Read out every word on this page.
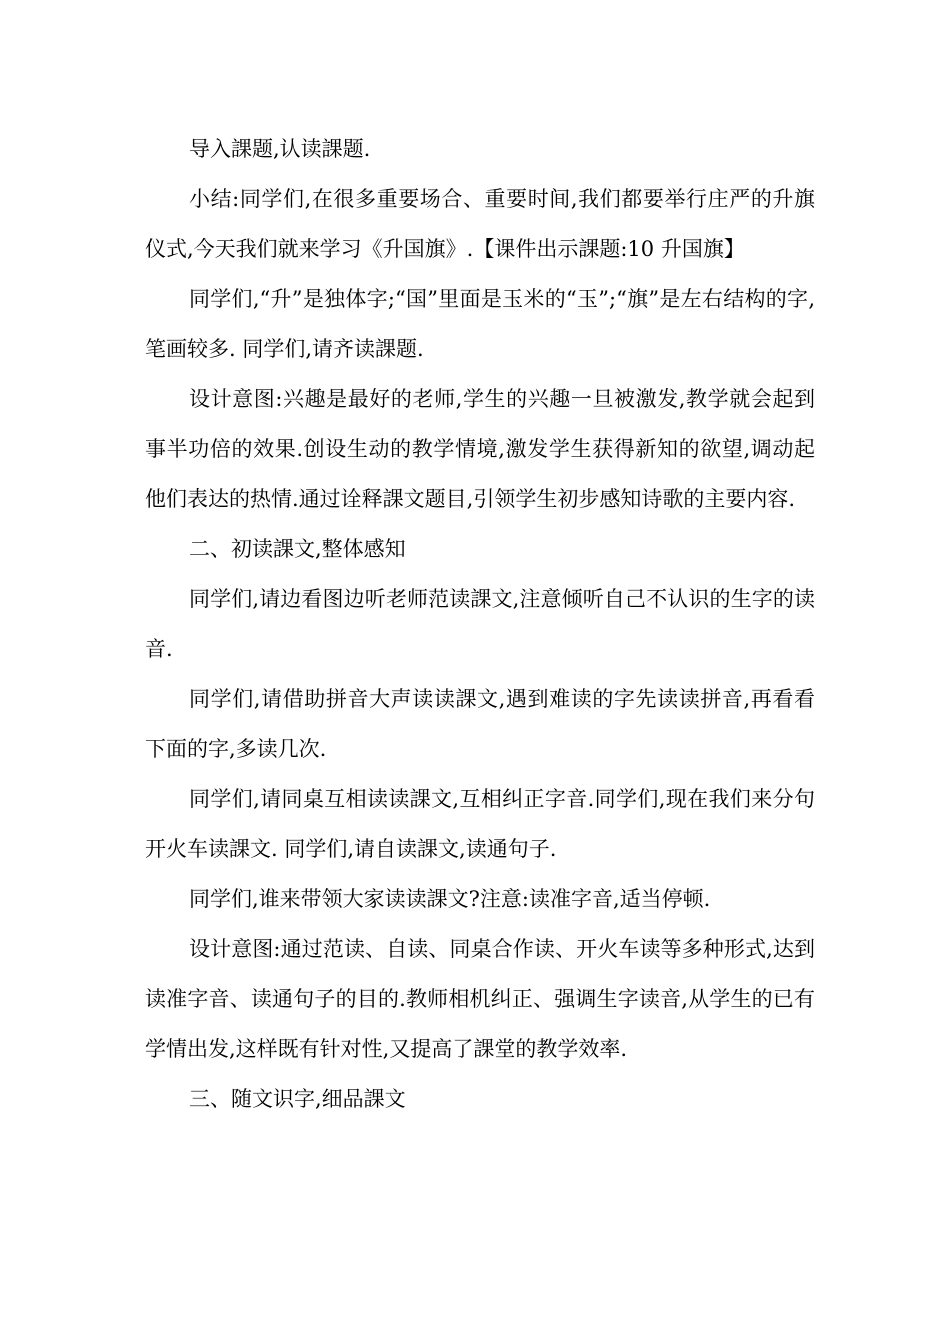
导入課题,认读課题.

小结:同学们,在很多重要场合、重要时间,我们都要举行庄严的升旗仪式,今天我们就来学习《升国旗》.【课件出示課题:10 升国旗】

同学们,“升”是独体字;“国”里面是玉米的“玉”;“旗”是左右结构的字,笔画较多. 同学们,请齐读課题.

设计意图:兴趣是最好的老师,学生的兴趣一旦被激发,教学就会起到事半功倍的效果.创设生动的教学情境,激发学生获得新知的欲望,调动起他们表达的热情.通过诠释課文题目,引领学生初步感知诗歌的主要内容.

二、初读課文,整体感知

同学们,请边看图边听老师范读課文,注意倾听自己不认识的生字的读音.

同学们,请借助拼音大声读读課文,遇到难读的字先读读拼音,再看看下面的字,多读几次.

同学们,请同桌互相读读課文,互相纠正字音.同学们,现在我们来分句开火车读課文. 同学们,请自读課文,读通句子.

同学们,谁来带领大家读读課文?注意:读准字音,适当停顿.

设计意图:通过范读、自读、同桌合作读、开火车读等多种形式,达到读准字音、读通句子的目的.教师相机纠正、强调生字读音,从学生的已有学情出发,这样既有针对性,又提高了課堂的教学效率.

三、随文识字,细品課文
